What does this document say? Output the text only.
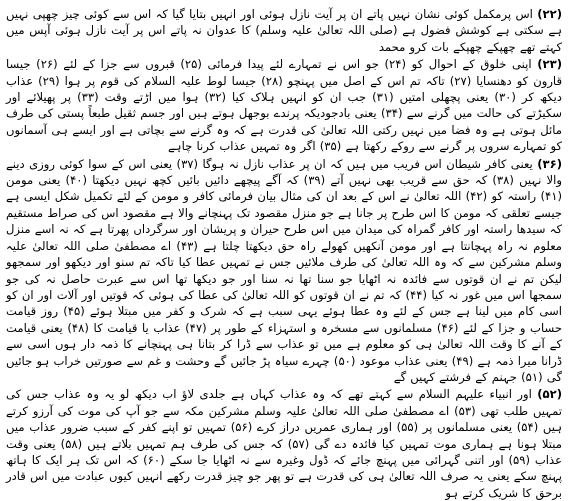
(۲۲) اس پرمکمل کوئی نشان نہیں پاتے ان پر آیت نازل ہوئی اور انہیں بتایا گیا کہ اس سے کوئی چیز چھپی نہیں ہے سکتی ہے کوشش فضول ہے (صلی اللہ تعالیٰ علیہ وسلم) کا عدوان نہ پاتے اس پر آیت نازل ہوئی آپس میں کہتے تھے چھپکے چھپکے بات کرو محمد

(۲۳) اپنی خلوق کے احوال کو (۲۴) جو اس نے تمہارے لئے پیدا فرمائی (۲۵) قبروں سے جزا کے لئے (۲۶) جیسا قارون کو دھنسایا (۲۷) تاکہ تم اس کے اصل میں پہنچو (۲۸) جیسا لوط علیہ السلام کی قوم پر ہوا (۲۹) عذاب دیکھ کر (۳۰) یعنی پچھلی امتیں (۳۱) جب ان کو انہیں ہلاک کیا (۳۲) ہوا میں اڑتے وقت (۳۳) پر پھیلائے اور سکیڑتے کی حالت میں گرنے سے (۳۴) یعنی بادجودیکہ پرندے بوجھل ہوتے ہیں اور جسم ثقیل طبعاً پستی کی طرف مائل ہوتی ہے وہ فضا میں نہیں رکتی اللہ تعالیٰ کی قدرت ہے کہ وہ گرنے سے بچاتی ہے اور ایسے ہی آسمانوں کو تمہارے سروں پر گرنے سے روکے رکھتا ہے (۳۵) اگر وہ تمہیں عذاب کرنا چاہے

(۳۶) یعنی کافر شیطان اس فریب میں ہیں کہ ان پر عذاب نازل نہ ہوگا (۳۷) یعنی اس کے سوا کوئی روزی دینے والا نہیں (۳۸) کہ حق سے قریب بھی نہیں آتے (۳۹) کہ آگے پیچھے دائیں بائیں کچھ نہیں دیکھتا (۴۰) یعنی مومن (۴۱) راستہ کو (۴۲) اللہ تعالیٰ نے اس کے بعد ان کی مثال بیان فرمائی کافر و مومن کے لئے تکمیل شکل ایسی ہے جیسے تعلقی کہ مومن کا اس طرح پر جانا ہے جو منزل مقصود تک پہنچانے والا ہے مقصود اس کی صراط مستقیم کہ سیدھا راستہ اور کافر گمراہ کی میدان میں اس طرح حیران و پریشان اور سرگرداں پھرتا ہے کہ نہ اسے منزل معلوم نہ راہ پہچانتا ہے اور مومن آنکھیں کھولے راہ حق دیکھتا چلتا ہے (۴۳) اے مصطفیٰ صلی اللہ تعالیٰ علیہ وسلم مشرکین سے کہ وہ اللہ تعالیٰ کی طرف ملائیں جس نے تمہیں عطا کیا تاکہ تم سنو اور دیکھو اور سمجھو لیکن تم نے ان قوتوں سے فائدہ نہ اٹھایا جو سنا تھا نہ سنا اور جو دیکھا تھا اس سے عبرت حاصل نہ کی جو سمجھا اس میں غور نہ کیا (۴۴) کہ تم نے ان قوتوں کو اللہ تعالیٰ کی عطا کی ہوئی کہ قوتیں اور آلات اور ان کو اسی کام میں لینا ہے جس کے لئے وہ عطا ہوئے یہی سبب ہے کہ شرک و کفر میں مبتلا ہوئے (۴۵) روز قیامت حساب و جزا کے لئے (۴۶) مسلمانوں سے مسخرہ و استہزاء کے طور پر (۴۷) عذاب یا قیامت کا (۴۸) یعنی قیامت کے آنے کا وقت اللہ تعالیٰ ہی کو معلوم ہے میں تو عذاب سے ڈرا کر بتانا ہی پہنچانے کا ذمہ دار ہوں اسی سے ڈرانا میرا ذمہ ہے (۴۹) یعنی عذاب موعود (۵۰) چہرے سیاہ پڑ جائیں گے وحشت و غم سے صورتیں خراب ہو جائیں گی (۵۱) جہنم کے فرشتے کہیں گے

(۵۲) اور انبیاء علیہم السلام سے کہتے تھے کہ وہ عذاب کہاں ہے جلدی لاؤ اب دیکھ لو یہ وہ عذاب جس کی تمہیں طلب تھی (۵۳) اے مصطفیٰ صلی اللہ تعالیٰ علیہ وسلم مشرکین مکہ سے جو آپ کی موت کی آرزو کرتے ہیں (۵۴) یعنی مسلمانوں پر (۵۵) اور ہماری عمریں دراز کرے (۵۶) تمہیں تو اپنے کفر کے سبب ضرور عذاب میں مبتلا ہونا ہے ہماری موت تمہیں کیا فائدہ دے گی (۵۷) کہ جس کی طرف ہم تمہیں بلاتے ہیں (۵۸) یعنی وقت عذاب (۵۹) اور اتنی گہرائی میں پہنچ جائے کہ ڈول وغیرہ سے نہ اٹھایا جا سکے (۶۰) کہ اس تک ہر ایک کا ہاتھ پہنچ سکے یعنی یہ صرف اللہ تعالیٰ ہی کی قدرت ہے تو پھر جو چیز قدرت رکھے انہیں کیوں عبادت میں اس قادر برحق کا شریک کرتے ہو
